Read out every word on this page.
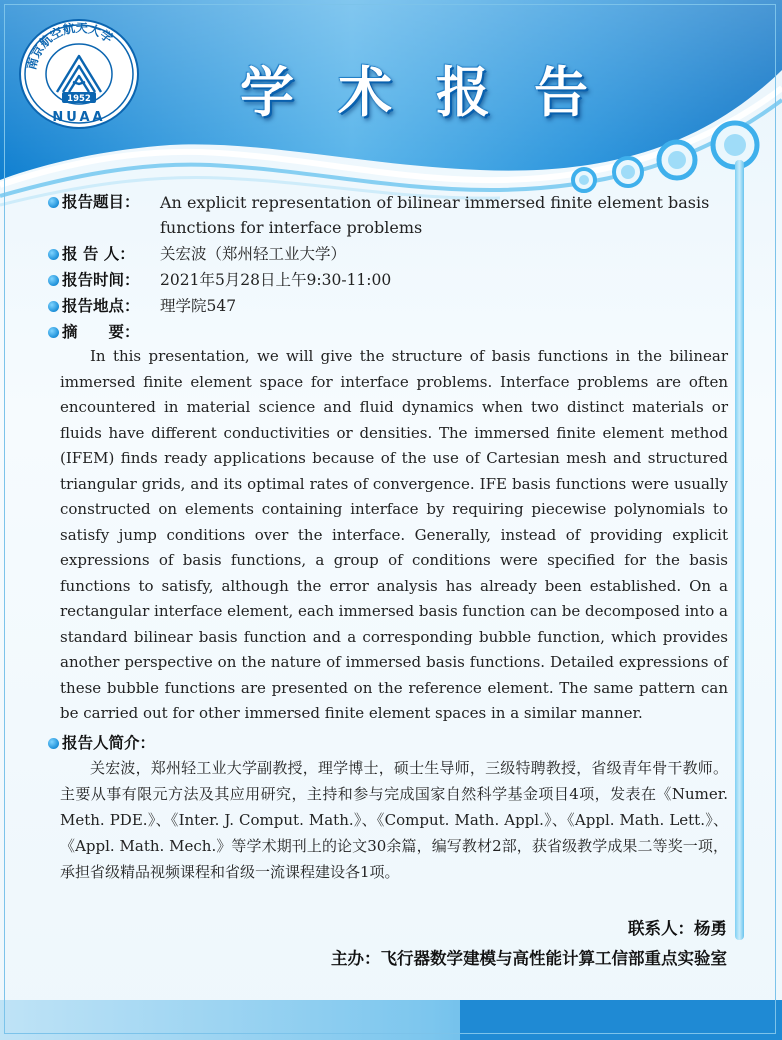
南京航空航天大学
1952
NUAA 学 术 报 告
报告题目： An explicit representation of bilinear immersed finite element basis functions for interface problems
报 告 人： 关宏波（郑州轻工业大学）
报告时间： 2021年5月28日上午9:30-11:00
报告地点： 理学院547
摘　　要：

In this presentation, we will give the structure of basis functions in the bilinear immersed finite element space for interface problems. Interface problems are often encountered in material science and fluid dynamics when two distinct materials or fluids have different conductivities or densities. The immersed finite element method (IFEM) finds ready applications because of the use of Cartesian mesh and structured triangular grids, and its optimal rates of convergence. IFE basis functions were usually constructed on elements containing interface by requiring piecewise polynomials to satisfy jump conditions over the interface. Generally, instead of providing explicit expressions of basis functions, a group of conditions were specified for the basis functions to satisfy, although the error analysis has already been established. On a rectangular interface element, each immersed basis function can be decomposed into a standard bilinear basis function and a corresponding bubble function, which provides another perspective on the nature of immersed basis functions. Detailed expressions of these bubble functions are presented on the reference element. The same pattern can be carried out for other immersed finite element spaces in a similar manner.

报告人简介：

关宏波，郑州轻工业大学副教授，理学博士，硕士生导师，三级特聘教授，省级青年骨干教师。主要从事有限元方法及其应用研究，主持和参与完成国家自然科学基金项目4项，发表在《Numer. Meth. PDE.》、《Inter. J. Comput. Math.》、《Comput. Math. Appl.》、《Appl. Math. Lett.》、《Appl. Math. Mech.》等学术期刊上的论文30余篇，编写教材2部，获省级教学成果二等奖一项，承担省级精品视频课程和省级一流课程建设各1项。

联系人：杨勇
主办：飞行器数学建模与高性能计算工信部重点实验室
